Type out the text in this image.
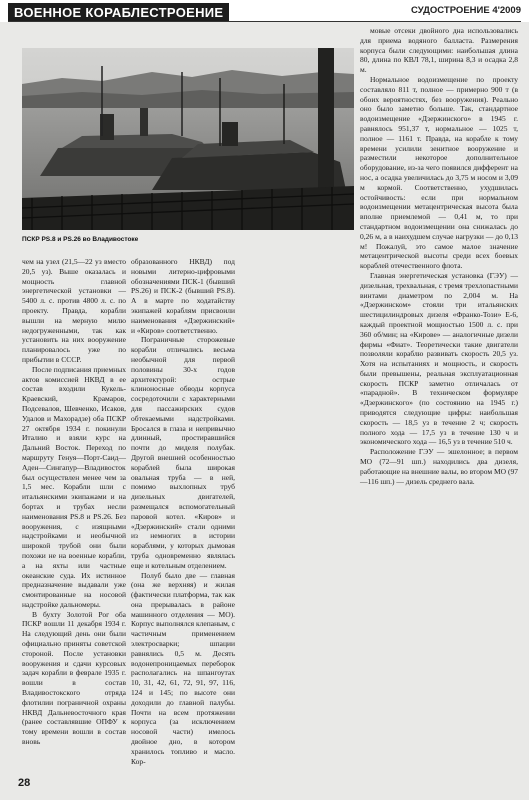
ВОЕННОЕ КОРАБЛЕСТРОЕНИЕ	СУДОСТРОЕНИЕ 4'2009
ПСКР PS.8 и PS.26 во Владивостоке

чем на узел (21,5—22 уз вместо 20,5 уз). Выше оказалась и мощность главной энергетической установки — 5400 л. с. против 4800 л. с. по проекту. Правда, корабли вышли на мерную милю недогруженными, так как установить на них вооружение планировалось уже по прибытии в СССР.

После подписания приемных актов комиссией НКВД в ее состав входили Кукель-Краевский, Крамаров, Подсевалов, Шевченко, Исаков, Удалов и Махорадзе) оба ПСКР 27 октября 1934 г. покинули Италию и взяли курс на Дальний Восток. Переход по маршруту Генуя—Порт-Саид—Аден—Сингапур—Владивосток был осуществлен менее чем за 1,5 мес. Корабли шли с итальянскими экипажами и на бортах и трубах несли наименования PS.8 и PS.26. Без вооружения, с изящными надстройками и необычной широкой трубой они были похожи не на военные корабли, а на яхты или частные океанские суда. Их истинное предназначение выдавали уже смонтированные на носовой надстройке дальномеры.

В бухту Золотой Рог оба ПСКР вошли 11 декабря 1934 г. На следующий день они были официально приняты советской стороной. После установки вооружения и сдачи курсовых задач корабли в феврале 1935 г. вошли в состав Владивостокского отряда флотилии пограничной охраны НКВД Дальневосточного края (ранее составлявшие ОПФУ к тому времени вошли в состав вновь

образованного НКВД) под новыми литерно-цифровыми обозначениями ПСК-1 (бывший PS.26) и ПСК-2 (бывший PS.8). А в марте по ходатайству экипажей кораблям присвоили наименования «Дзержинский» и «Киров» соответственно.

Пограничные сторожевые корабли отличались весьма необычной для первой половины 30-х годов архитектурой: острые клиноносные обводы корпуса сосредоточили с характерными для пассажирских судов обтекаемыми надстройками. Бросался в глаза и непривычно длинный, простиравшийся почти до миделя полубак. Другой внешней особенностью кораблей была широкая овальная труба — в ней, помимо выхлопных труб дизельных двигателей, размещался вспомогательный паровой котел. «Киров» и «Дзержинский» стали одними из немногих в истории кораблями, у которых дымовая труба одновременно являлась еще и котельным отделением.

Полуб было две — главная (она же верхняя) и жилая (фактически платформа, так как она прерывалась в районе машинного отделения — МО). Корпус выполнялся клепаным, с частичным применением электросварки; шпации равнялись 0,5 м. Десять водонепроницаемых переборок располагались на шпангоутах 10, 31, 42, 61, 72, 91, 97, 116, 124 и 145; по высоте они доходили до главной палубы. Почти на всем протяжении корпуса (за исключением носовой части) имелось двойное дно, в котором хранилось топливо и масло. Кор-

мовые отсеки двойного дна использовались для приема водяного балласта. Размерения корпуса были следующими: наибольшая длина 80, длина по КВЛ 78,1, ширина 8,3 и осадка 2,8 м.

Нормальное водоизмещение по проекту составляло 811 т, полное — примерно 900 т (в обоих вероятностях, без вооружения). Реально оно было заметно больше. Так, стандартное водоизмещение «Дзержинского» в 1945 г. равнялось 951,37 т, нормальное — 1025 т, полное — 1161 т. Правда, на корабле к тому времени усилили зенитное вооружение и разместили некоторое дополнительное оборудование, из-за чего появился дифферент на нос, а осадка увеличилась до 3,75 м носом и 3,09 м кормой. Соответственно, ухудшилась остойчивость: если при нормальном водоизмещении метацентрическая высота была вполне приемлемой — 0,41 м, то при стандартном водоизмещении она снижалась до 0,26 м, а в наихудшем случае нагрузки — до 0,13 м! Пожалуй, это самое малое значение метацентрической высоты среди всех боевых кораблей отечественного флота.

Главная энергетическая установка (ГЭУ) — дизельная, трехвальная, с тремя трехлопастными винтами диаметром по 2,004 м. На «Дзержинском» стояли три итальянских шестицилиндровых дизеля «Франко-Този» Е-6, каждый проектной мощностью 1500 л. с. при 360 об/мин; на «Кирове» — аналогичные дизели фирмы «Фиат». Теоретически такие двигатели позволяли кораблю развивать скорость 20,5 уз. Хотя на испытаниях и мощность, и скорость были превышены, реальная эксплуатационная скорость ПСКР заметно отличалась от «парадной». В техническом формуляре «Дзержинского» (по состоянию на 1945 г.) приводятся следующие цифры: наибольшая скорость — 18,5 уз в течение 2 ч; скорость полного хода — 17,5 уз в течение 130 ч и экономического хода — 16,5 уз в течение 510 ч.

Расположение ГЭУ — эшелонное; в первом МО (72—91 шп.) находились два дизеля, работающие на внешние валы, во втором МО (97—116 шп.) — дизель среднего вала.

28
